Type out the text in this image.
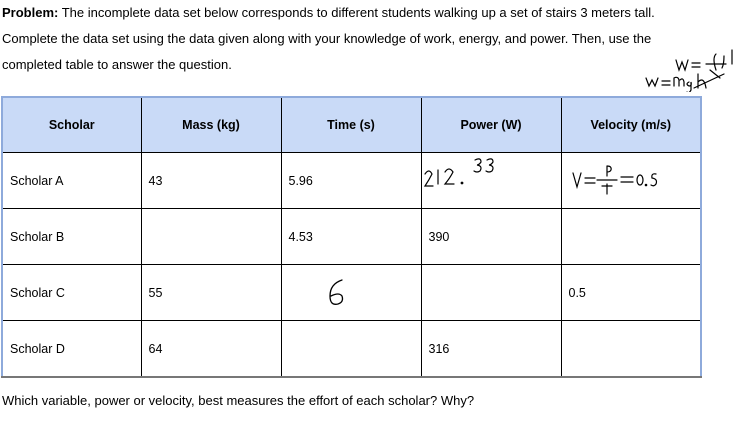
Problem: The incomplete data set below corresponds to different students walking up a set of stairs 3 meters tall.
Complete the data set using the data given along with your knowledge of work, energy, and power. Then, use the
completed table to answer the question.
Scholar	Mass (kg)	Time (s)	Power (W)	Velocity (m/s)
Scholar A	43	5.96		
Scholar B		4.53	390	
Scholar C	55			0.5
Scholar D	64		316	
Which variable, power or velocity, best measures the effort of each scholar? Why?
